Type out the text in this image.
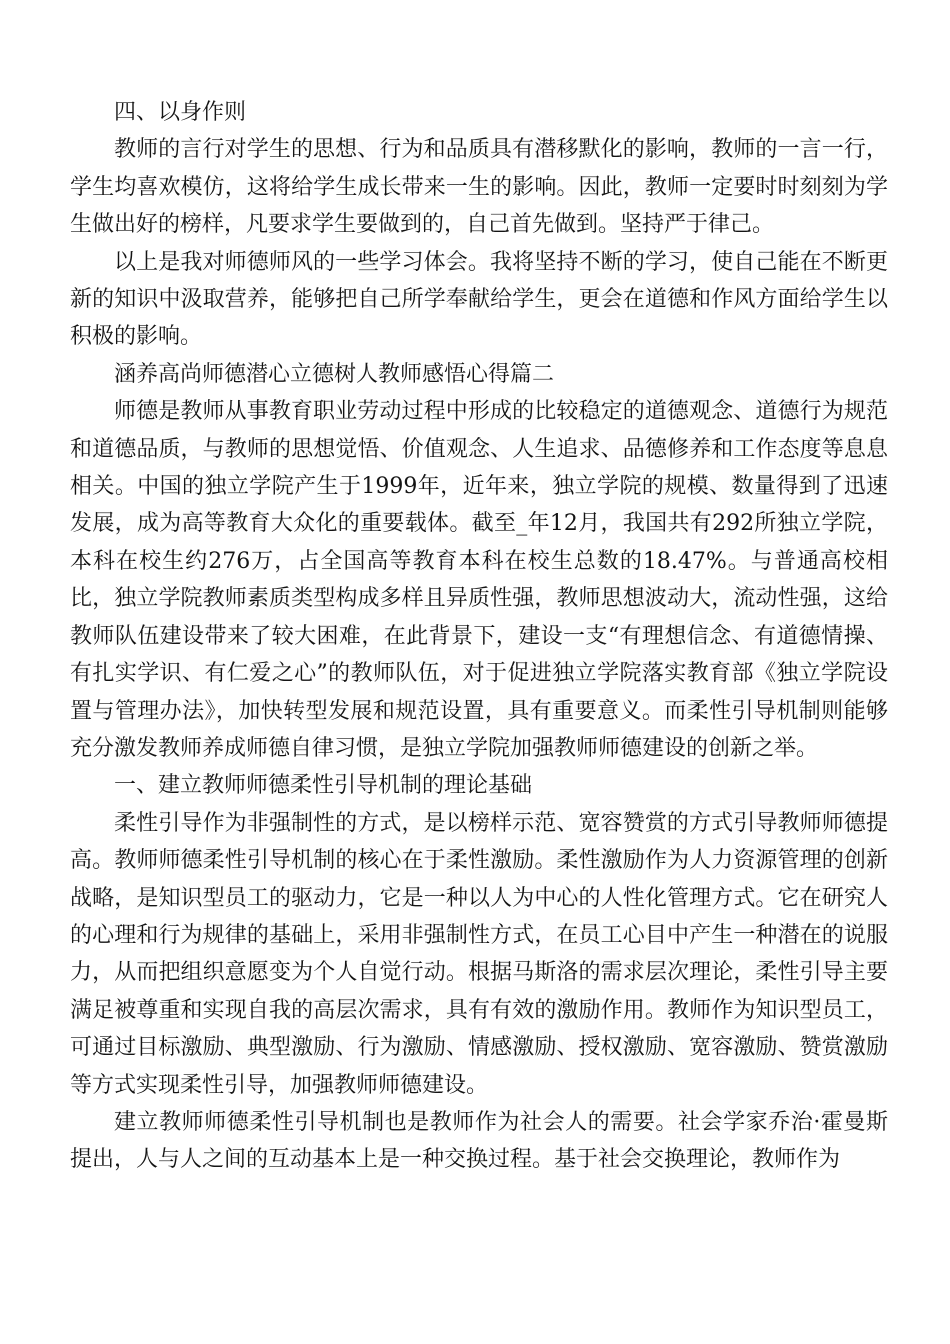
四、以身作则

教师的言行对学生的思想、行为和品质具有潜移默化的影响，教师的一言一行，学生均喜欢模仿，这将给学生成长带来一生的影响。因此，教师一定要时时刻刻为学生做出好的榜样，凡要求学生要做到的，自己首先做到。坚持严于律己。

以上是我对师德师风的一些学习体会。我将坚持不断的学习，使自己能在不断更新的知识中汲取营养，能够把自己所学奉献给学生，更会在道德和作风方面给学生以积极的影响。

涵养高尚师德潜心立德树人教师感悟心得篇二

师德是教师从事教育职业劳动过程中形成的比较稳定的道德观念、道德行为规范和道德品质，与教师的思想觉悟、价值观念、人生追求、品德修养和工作态度等息息相关。中国的独立学院产生于1999年，近年来，独立学院的规模、数量得到了迅速发展，成为高等教育大众化的重要载体。截至_年12月，我国共有292所独立学院，本科在校生约276万，占全国高等教育本科在校生总数的18.47%。与普通高校相比，独立学院教师素质类型构成多样且异质性强，教师思想波动大，流动性强，这给教师队伍建设带来了较大困难，在此背景下，建设一支“有理想信念、有道德情操、有扎实学识、有仁爱之心”的教师队伍，对于促进独立学院落实教育部《独立学院设置与管理办法》，加快转型发展和规范设置，具有重要意义。而柔性引导机制则能够充分激发教师养成师德自律习惯，是独立学院加强教师师德建设的创新之举。

一、建立教师师德柔性引导机制的理论基础

柔性引导作为非强制性的方式，是以榜样示范、宽容赞赏的方式引导教师师德提高。教师师德柔性引导机制的核心在于柔性激励。柔性激励作为人力资源管理的创新战略，是知识型员工的驱动力，它是一种以人为中心的人性化管理方式。它在研究人的心理和行为规律的基础上，采用非强制性方式，在员工心目中产生一种潜在的说服力，从而把组织意愿变为个人自觉行动。根据马斯洛的需求层次理论，柔性引导主要满足被尊重和实现自我的高层次需求，具有有效的激励作用。教师作为知识型员工，可通过目标激励、典型激励、行为激励、情感激励、授权激励、宽容激励、赞赏激励等方式实现柔性引导，加强教师师德建设。

建立教师师德柔性引导机制也是教师作为社会人的需要。社会学家乔治·霍曼斯提出，人与人之间的互动基本上是一种交换过程。基于社会交换理论，教师作为
